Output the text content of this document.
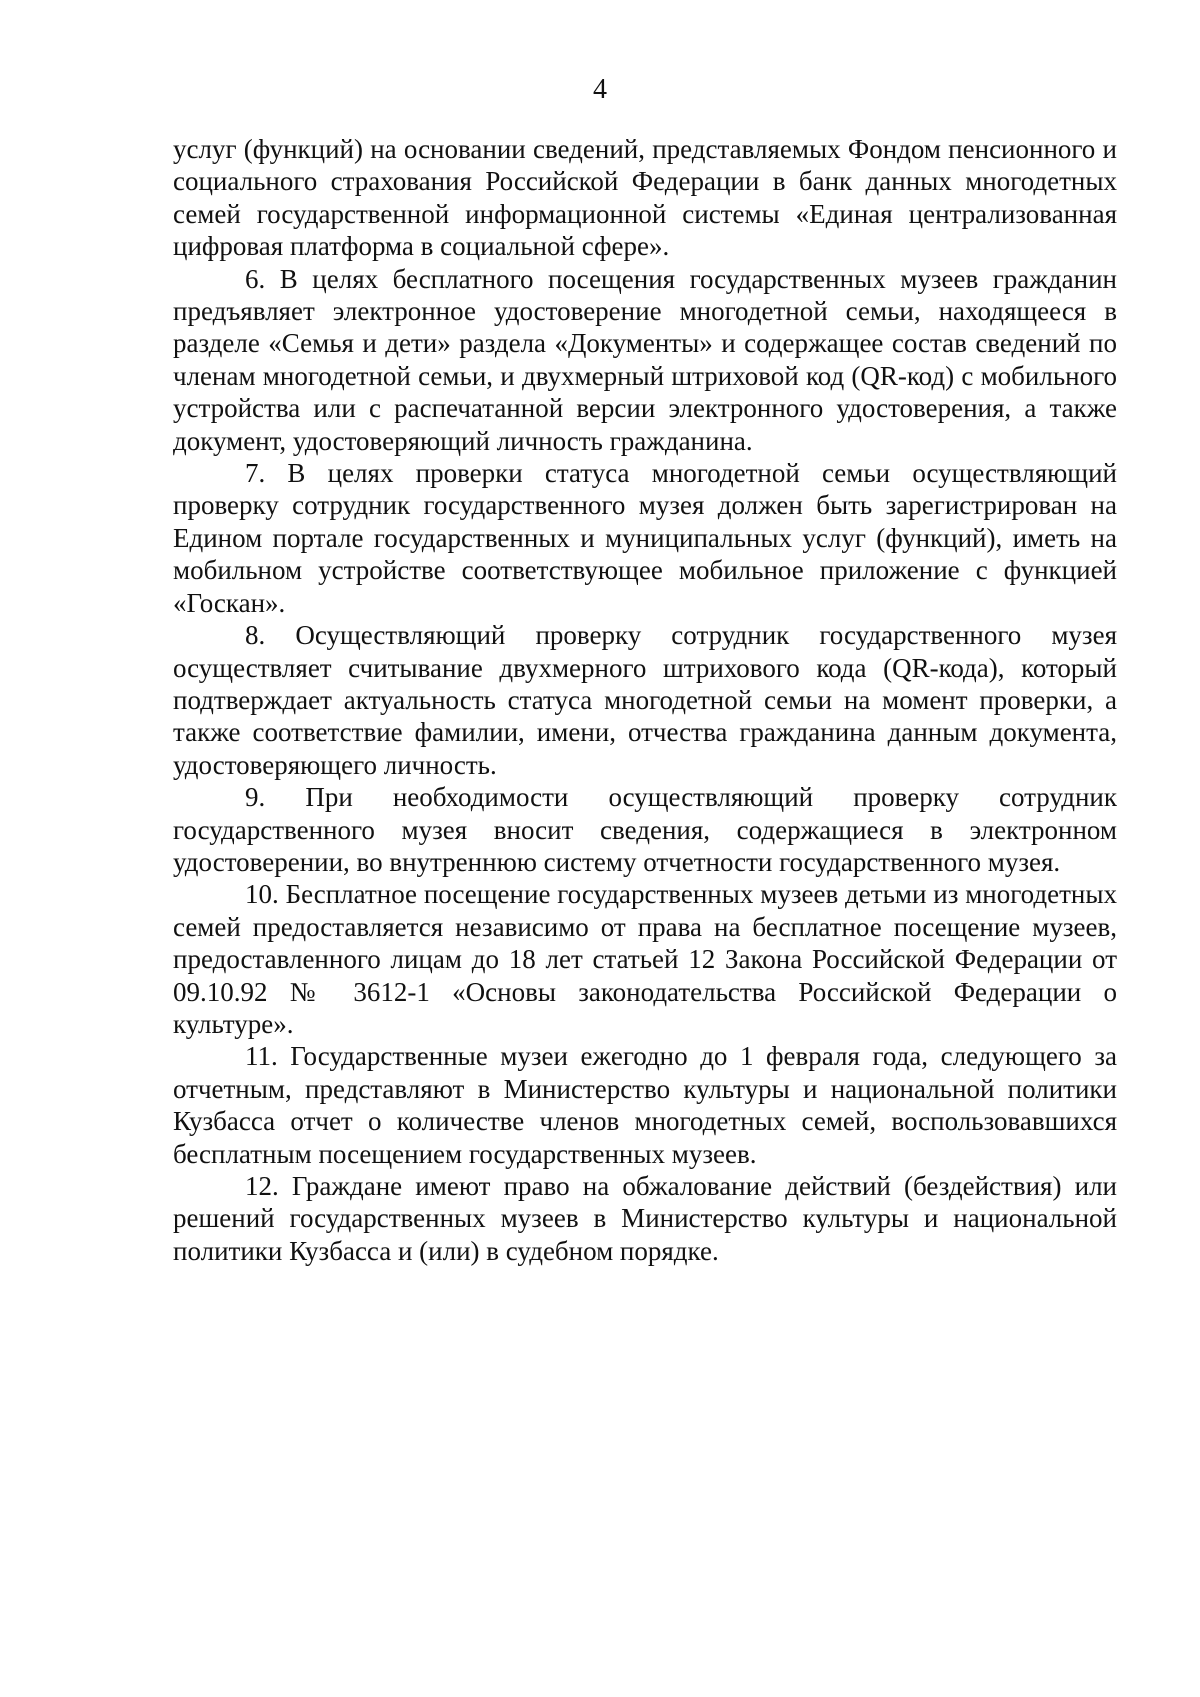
4

услуг (функций) на основании сведений, представляемых Фондом пенсионного и социального страхования Российской Федерации в банк данных многодетных семей государственной информационной системы «Единая централизованная цифровая платформа в социальной сфере».

6. В целях бесплатного посещения государственных музеев гражданин предъявляет электронное удостоверение многодетной семьи, находящееся в разделе «Семья и дети» раздела «Документы» и содержащее состав сведений по членам многодетной семьи, и двухмерный штриховой код (QR-код) с мобильного устройства или с распечатанной версии электронного удостоверения, а также документ, удостоверяющий личность гражданина.

7. В целях проверки статуса многодетной семьи осуществляющий проверку сотрудник государственного музея должен быть зарегистрирован на Едином портале государственных и муниципальных услуг (функций), иметь на мобильном устройстве соответствующее мобильное приложение с функцией «Госкан».

8. Осуществляющий проверку сотрудник государственного музея осуществляет считывание двухмерного штрихового кода (QR-кода), который подтверждает актуальность статуса многодетной семьи на момент проверки, а также соответствие фамилии, имени, отчества гражданина данным документа, удостоверяющего личность.

9. При необходимости осуществляющий проверку сотрудник государственного музея вносит сведения, содержащиеся в электронном удостоверении, во внутреннюю систему отчетности государственного музея.

10. Бесплатное посещение государственных музеев детьми из многодетных семей предоставляется независимо от права на бесплатное посещение музеев, предоставленного лицам до 18 лет статьей 12 Закона Российской Федерации от 09.10.92 № 3612-1 «Основы законодательства Российской Федерации о культуре».

11. Государственные музеи ежегодно до 1 февраля года, следующего за отчетным, представляют в Министерство культуры и национальной политики Кузбасса отчет о количестве членов многодетных семей, воспользовавшихся бесплатным посещением государственных музеев.

12. Граждане имеют право на обжалование действий (бездействия) или решений государственных музеев в Министерство культуры и национальной политики Кузбасса и (или) в судебном порядке.
